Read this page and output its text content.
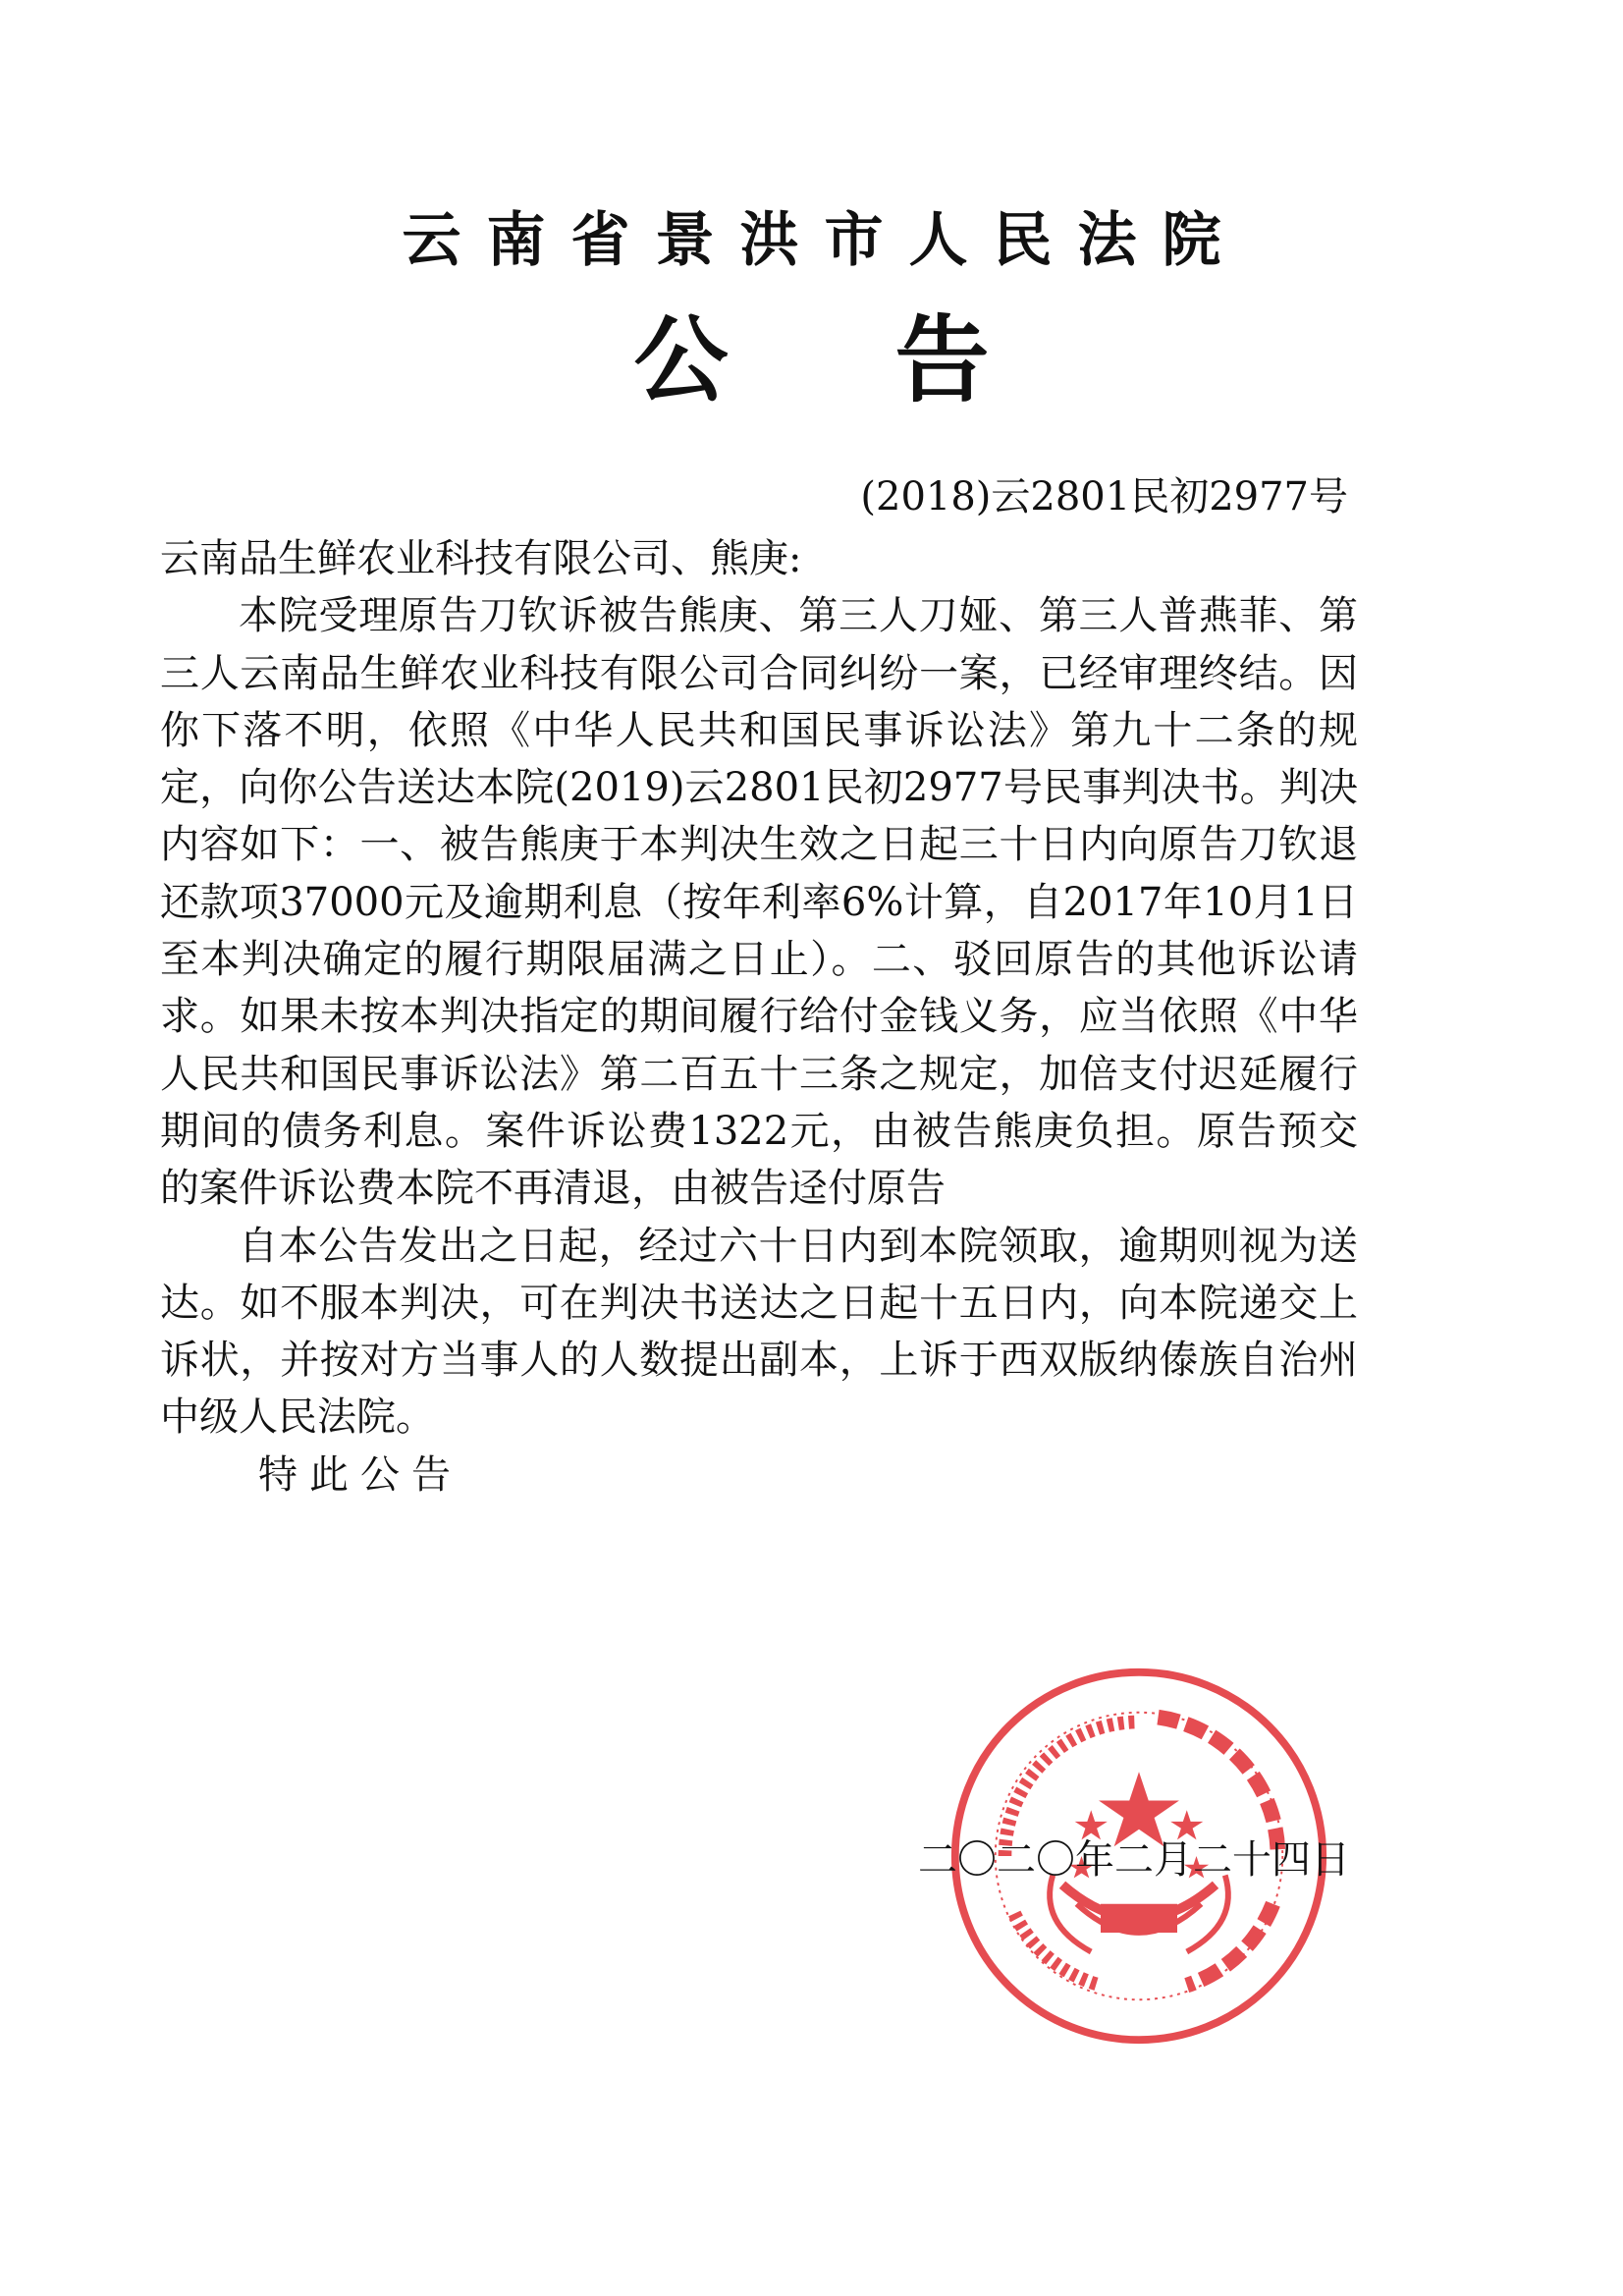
云南省景洪市人民法院
公告
(2018)云2801民初2977号

云南品生鲜农业科技有限公司、熊庚:

本院受理原告刀钦诉被告熊庚、第三人刀娅、第三人普燕菲、第三人云南品生鲜农业科技有限公司合同纠纷一案，已经审理终结。因你下落不明，依照《中华人民共和国民事诉讼法》第九十二条的规定，向你公告送达本院(2019)云2801民初2977号民事判决书。判决内容如下：一、被告熊庚于本判决生效之日起三十日内向原告刀钦退还款项37000元及逾期利息（按年利率6%计算，自2017年10月1日至本判决确定的履行期限届满之日止）。二、驳回原告的其他诉讼请求。如果未按本判决指定的期间履行给付金钱义务，应当依照《中华人民共和国民事诉讼法》第二百五十三条之规定，加倍支付迟延履行期间的债务利息。案件诉讼费1322元，由被告熊庚负担。原告预交的案件诉讼费本院不再清退，由被告迳付原告

自本公告发出之日起，经过六十日内到本院领取，逾期则视为送达。如不服本判决，可在判决书送达之日起十五日内，向本院递交上诉状，并按对方当事人的人数提出副本，上诉于西双版纳傣族自治州中级人民法院。

特此公告

二〇二〇年二月二十四日
